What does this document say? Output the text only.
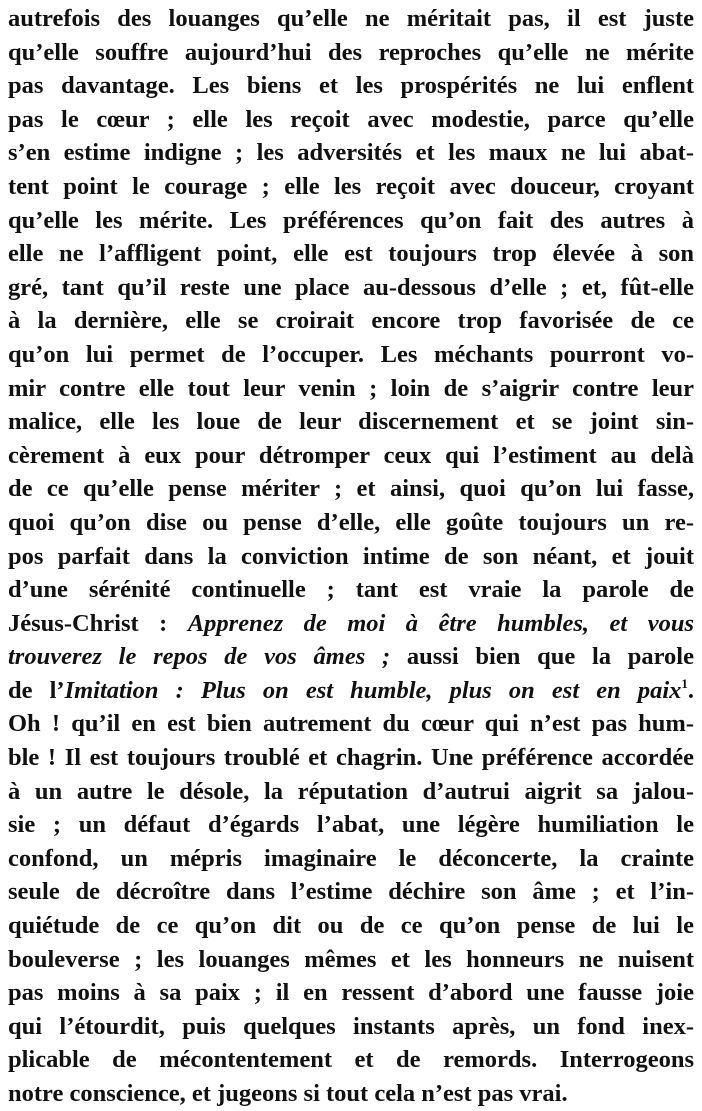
autrefois des louanges qu’elle ne méritait pas, il est juste
qu’elle souffre aujourd’hui des reproches qu’elle ne mérite
pas davantage. Les biens et les prospérités ne lui enflent
pas le cœur ; elle les reçoit avec modestie, parce qu’elle
s’en estime indigne ; les adversités et les maux ne lui abat-
tent point le courage ; elle les reçoit avec douceur, croyant
qu’elle les mérite. Les préférences qu’on fait des autres à
elle ne l’affligent point, elle est toujours trop élevée à son
gré, tant qu’il reste une place au-dessous d’elle ; et, fût-elle
à la dernière, elle se croirait encore trop favorisée de ce
qu’on lui permet de l’occuper. Les méchants pourront vo-
mir contre elle tout leur venin ; loin de s’aigrir contre leur
malice, elle les loue de leur discernement et se joint sin-
cèrement à eux pour détromper ceux qui l’estiment au delà
de ce qu’elle pense mériter ; et ainsi, quoi qu’on lui fasse,
quoi qu’on dise ou pense d’elle, elle goûte toujours un re-
pos parfait dans la conviction intime de son néant, et jouit
d’une sérénité continuelle ; tant est vraie la parole de
Jésus-Christ : Apprenez de moi à être humbles, et vous
trouverez le repos de vos âmes ; aussi bien que la parole
de l’Imitation : Plus on est humble, plus on est en paix$^1$.
Oh ! qu’il en est bien autrement du cœur qui n’est pas hum-
ble ! Il est toujours troublé et chagrin. Une préférence accordée
à un autre le désole, la réputation d’autrui aigrit sa jalou-
sie ; un défaut d’égards l’abat, une légère humiliation le
confond, un mépris imaginaire le déconcerte, la crainte
seule de décroître dans l’estime déchire son âme ; et l’in-
quiétude de ce qu’on dit ou de ce qu’on pense de lui le
bouleverse ; les louanges mêmes et les honneurs ne nuisent
pas moins à sa paix ; il en ressent d’abord une fausse joie
qui l’étourdit, puis quelques instants après, un fond inex-
plicable de mécontentement et de remords. Interrogeons
notre conscience, et jugeons si tout cela n’est pas vrai.
